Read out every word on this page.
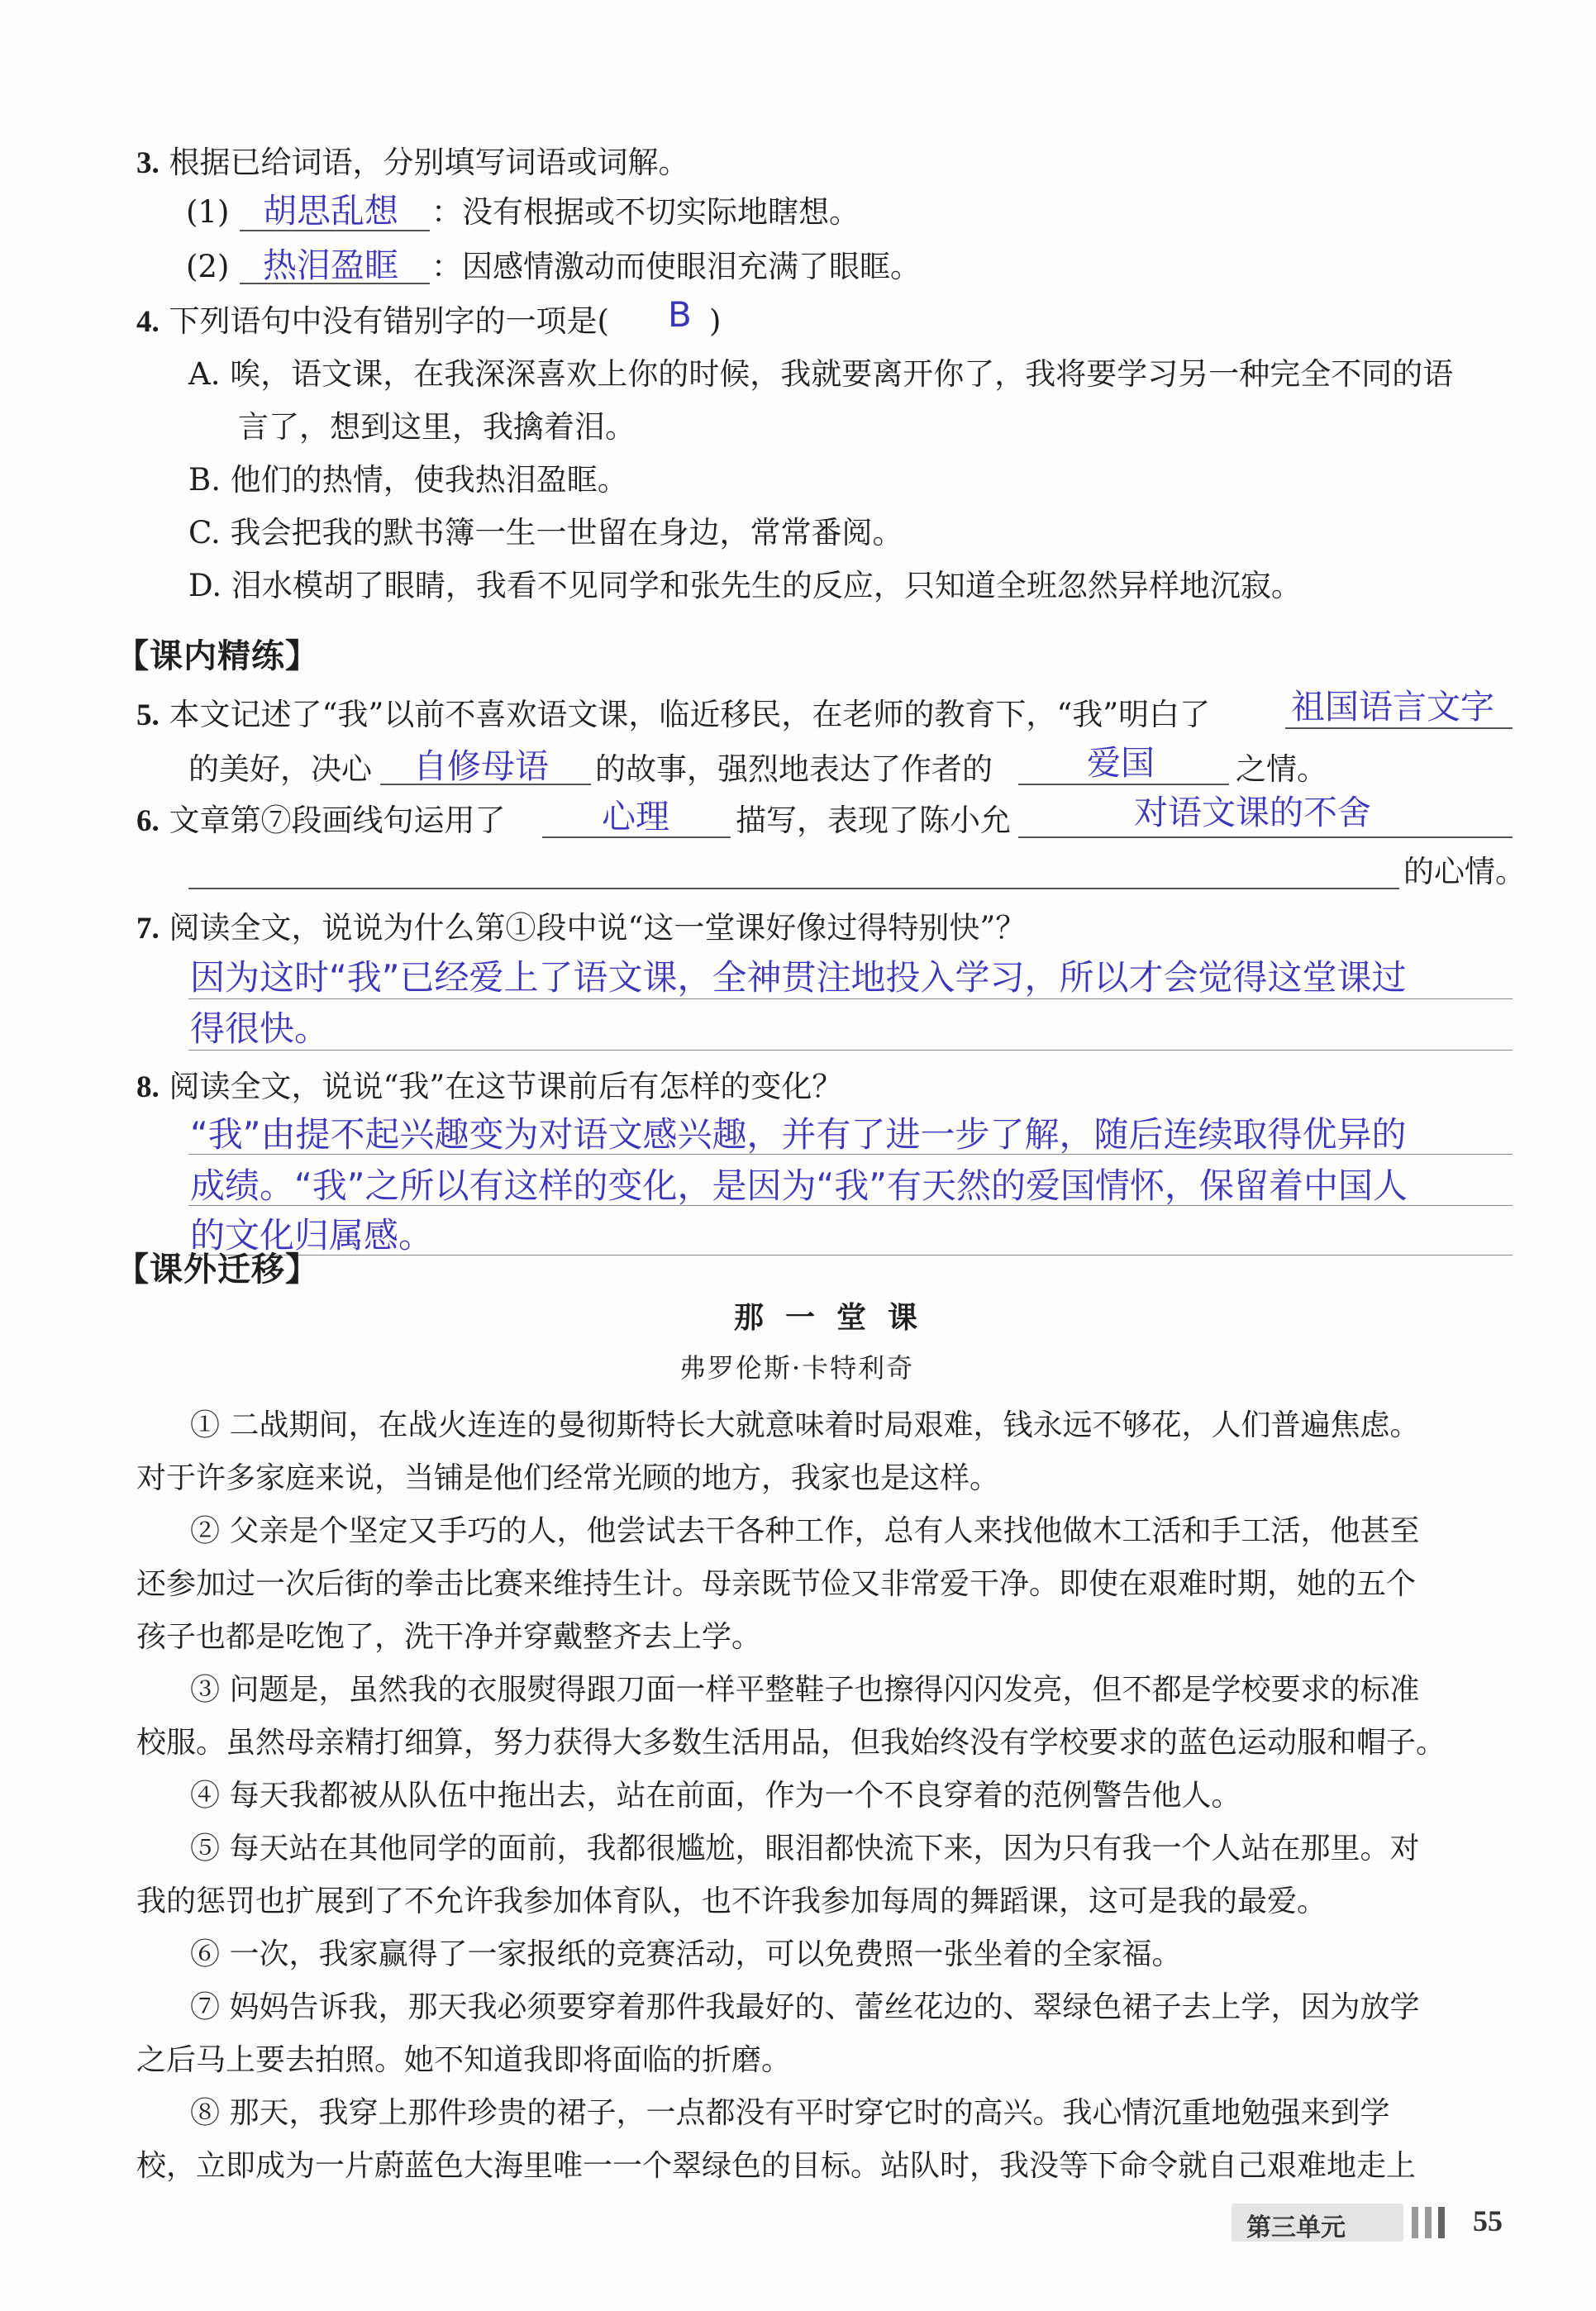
3. 根据已给词语，分别填写词语或词解。
(1) 胡思乱想 ：没有根据或不切实际地瞎想。
(2) 热泪盈眶 ：因感情激动而使眼泪充满了眼眶。
4. 下列语句中没有错别字的一项是( B )
A. 唉，语文课，在我深深喜欢上你的时候，我就要离开你了，我将要学习另一种完全不同的语
言了，想到这里，我擒着泪。
B. 他们的热情，使我热泪盈眶。
C. 我会把我的默书簿一生一世留在身边，常常番阅。
D. 泪水模胡了眼睛，我看不见同学和张先生的反应，只知道全班忽然异样地沉寂。
【课内精练】
5. 本文记述了“我”以前不喜欢语文课，临近移民，在老师的教育下，“我”明白了 祖国语言文字
的美好，决心 自修母语 的故事，强烈地表达了作者的	爱国	之情。
6. 文章第⑦段画线句运用了	心理 描写，表现了陈小允	对语文课的不舍
的心情。
7. 阅读全文，说说为什么第①段中说“这一堂课好像过得特别快”？
因为这时“我”已经爱上了语文课，全神贯注地投入学习，所以才会觉得这堂课过
得很快。
8. 阅读全文，说说“我”在这节课前后有怎样的变化？
“我”由提不起兴趣变为对语文感兴趣，并有了进一步了解，随后连续取得优异的
成绩。“我”之所以有这样的变化，是因为“我”有天然的爱国情怀，保留着中国人
的文化归属感。
【课外迁移】
那一堂课
弗罗伦斯·卡特利奇
① 二战期间，在战火连连的曼彻斯特长大就意味着时局艰难，钱永远不够花，人们普遍焦虑。
对于许多家庭来说，当铺是他们经常光顾的地方，我家也是这样。
② 父亲是个坚定又手巧的人，他尝试去干各种工作，总有人来找他做木工活和手工活，他甚至
还参加过一次后街的拳击比赛来维持生计。母亲既节俭又非常爱干净。即使在艰难时期，她的五个
孩子也都是吃饱了，洗干净并穿戴整齐去上学。
③ 问题是，虽然我的衣服熨得跟刀面一样平整鞋子也擦得闪闪发亮，但不都是学校要求的标准
校服。虽然母亲精打细算，努力获得大多数生活用品，但我始终没有学校要求的蓝色运动服和帽子。
④ 每天我都被从队伍中拖出去，站在前面，作为一个不良穿着的范例警告他人。
⑤ 每天站在其他同学的面前，我都很尴尬，眼泪都快流下来，因为只有我一个人站在那里。对
我的惩罚也扩展到了不允许我参加体育队，也不许我参加每周的舞蹈课，这可是我的最爱。
⑥ 一次，我家赢得了一家报纸的竞赛活动，可以免费照一张坐着的全家福。
⑦ 妈妈告诉我，那天我必须要穿着那件我最好的、蕾丝花边的、翠绿色裙子去上学，因为放学
之后马上要去拍照。她不知道我即将面临的折磨。
⑧ 那天，我穿上那件珍贵的裙子，一点都没有平时穿它时的高兴。我心情沉重地勉强来到学
校，立即成为一片蔚蓝色大海里唯一一个翠绿色的目标。站队时，我没等下命令就自己艰难地走上
第三单元	55
